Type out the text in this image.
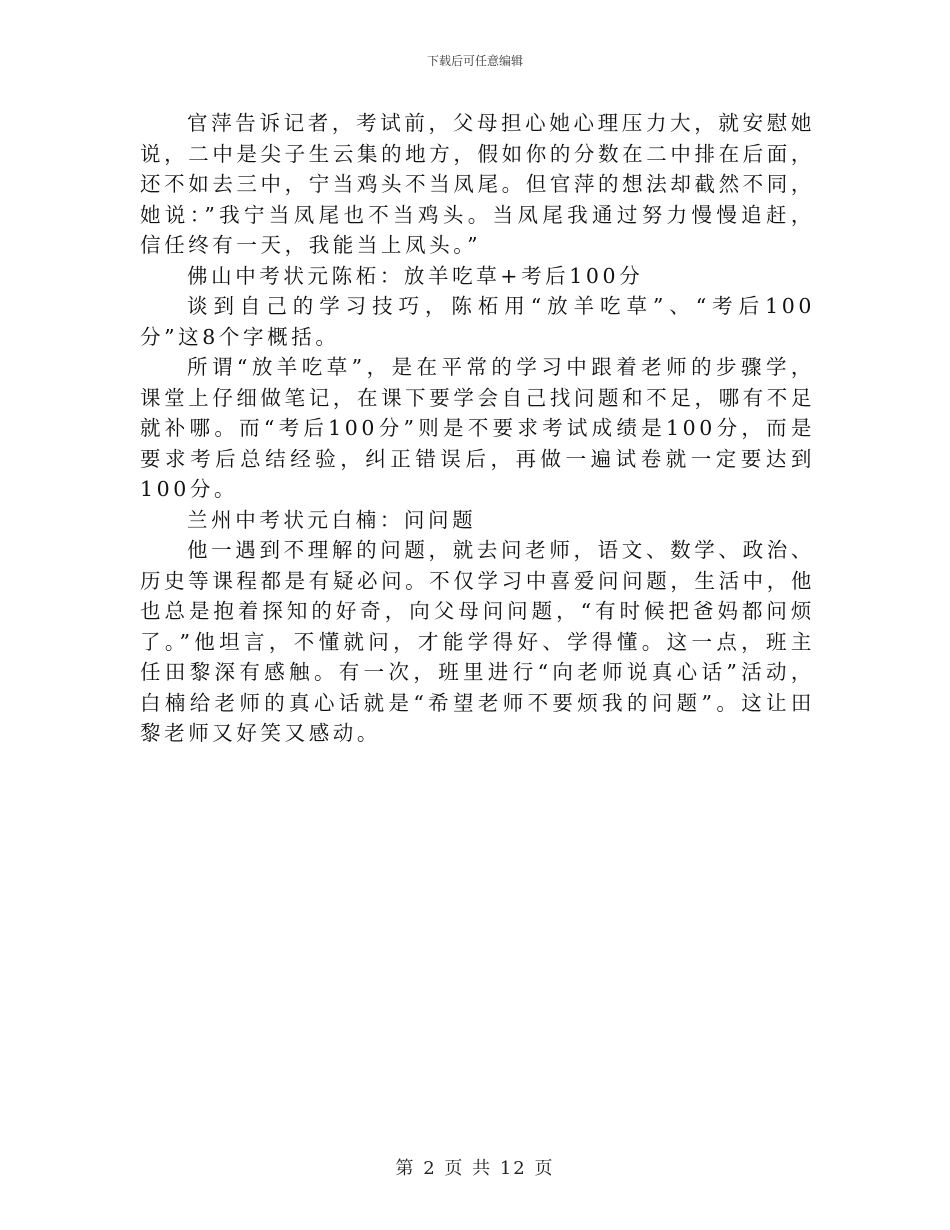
下载后可任意编辑

官萍告诉记者，考试前，父母担心她心理压力大，就安慰她说，二中是尖子生云集的地方，假如你的分数在二中排在后面，还不如去三中，宁当鸡头不当凤尾。但官萍的想法却截然不同，她说：”我宁当凤尾也不当鸡头。当凤尾我通过努力慢慢追赶，信任终有一天，我能当上凤头。”

佛山中考状元陈柘：放羊吃草+考后100分

谈到自己的学习技巧，陈柘用“放羊吃草”、“考后100分”这8个字概括。

所谓“放羊吃草”，是在平常的学习中跟着老师的步骤学，课堂上仔细做笔记，在课下要学会自己找问题和不足，哪有不足就补哪。而“考后100分”则是不要求考试成绩是100分，而是要求考后总结经验，纠正错误后，再做一遍试卷就一定要达到100分。

兰州中考状元白楠：问问题

他一遇到不理解的问题，就去问老师，语文、数学、政治、历史等课程都是有疑必问。不仅学习中喜爱问问题，生活中，他也总是抱着探知的好奇，向父母问问题，“有时候把爸妈都问烦了。”他坦言，不懂就问，才能学得好、学得懂。这一点，班主任田黎深有感触。有一次，班里进行“向老师说真心话”活动，白楠给老师的真心话就是“希望老师不要烦我的问题”。这让田黎老师又好笑又感动。

第 2 页 共 12 页
